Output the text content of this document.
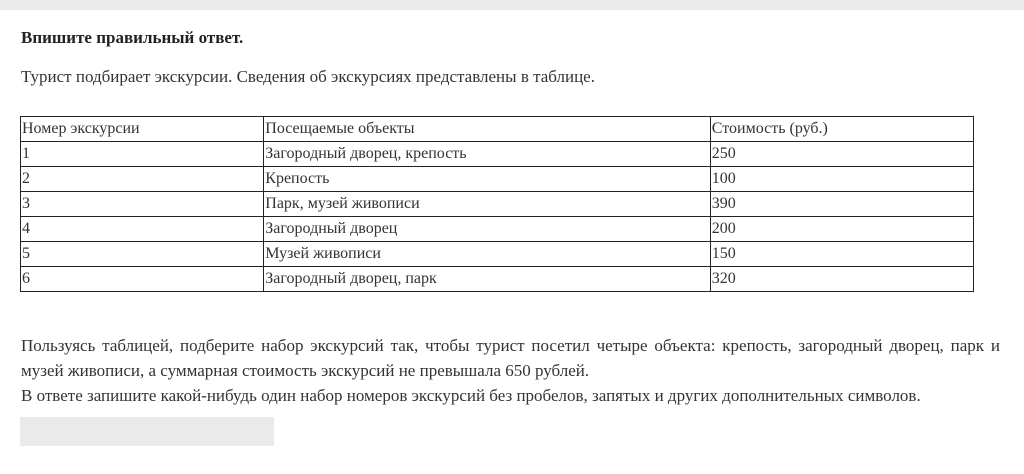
Впишите правильный ответ.
Турист подбирает экскурсии. Сведения об экскурсиях представлены в таблице.
Номер экскурсии	Посещаемые объекты	Стоимость (руб.)
1	Загородный дворец, крепость	250
2	Крепость	100
3	Парк, музей живописи	390
4	Загородный дворец	200
5	Музей живописи	150
6	Загородный дворец, парк	320

Пользуясь таблицей, подберите набор экскурсий так, чтобы турист посетил четыре объекта: крепость, загородный дворец, парк и музей живописи, а суммарная стоимость экскурсий не превышала 650 рублей.

В ответе запишите какой-нибудь один набор номеров экскурсий без пробелов, запятых и других дополнительных символов.
